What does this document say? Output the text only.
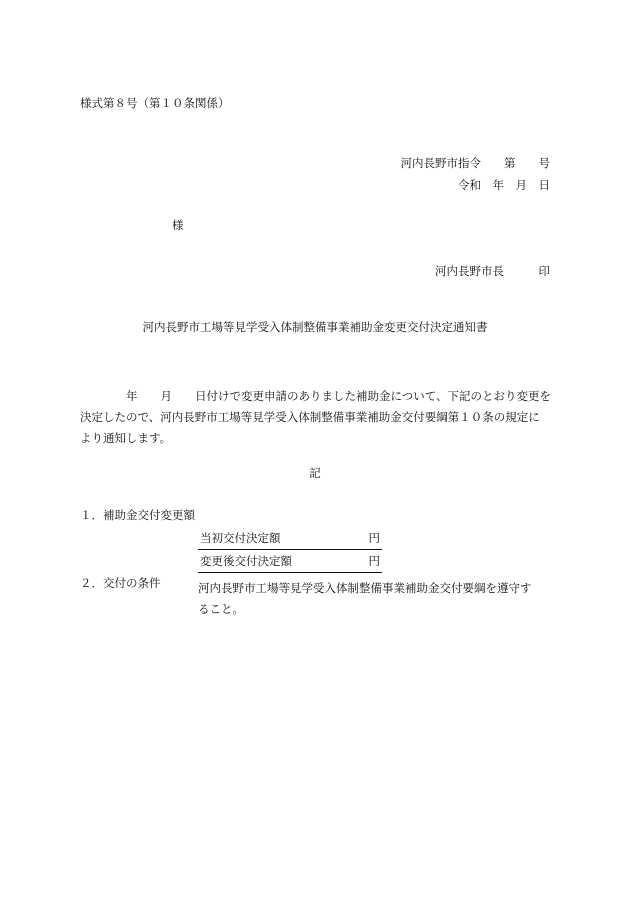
様式第８号（第１０条関係）
河内長野市指令　　第　　号
令和　年　月　日
様
河内長野市長　　　印
河内長野市工場等見学受入体制整備事業補助金変更交付決定通知書
　　　　年　　月　　日付けで変更申請のありました補助金について、下記のとおり変更を
決定したので、河内長野市工場等見学受入体制整備事業補助金交付要綱第１０条の規定に
より通知します。
記
１．補助金交付変更額
当初交付決定額	円
変更後交付決定額	円
２．交付の条件	河内長野市工場等見学受入体制整備事業補助金交付要綱を遵守す
ること。
